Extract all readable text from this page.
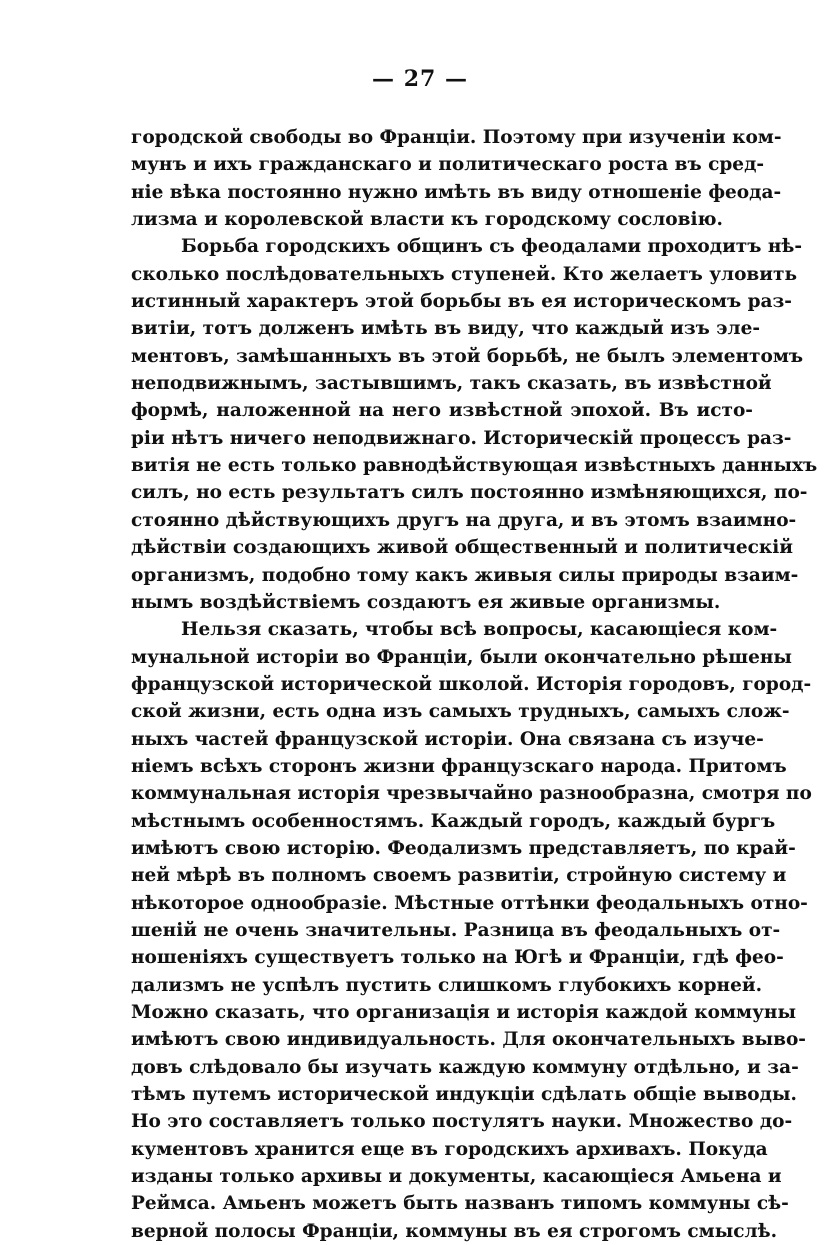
— 27 —
городской свободы во Франціи. Поэтому при изученіи ком-
мунъ и ихъ гражданскаго и политическаго роста въ сред-
ніе вѣка постоянно нужно имѣть въ виду отношеніе феода-
лизма и королевской власти къ городскому сословію.
Борьба городскихъ общинъ съ феодалами проходитъ нѣ-
сколько послѣдовательныхъ ступеней. Кто желаетъ уловить
истинный характеръ этой борьбы въ ея историческомъ раз-
витіи, тотъ долженъ имѣть въ виду, что каждый изъ эле-
ментовъ, замѣшанныхъ въ этой борьбѣ, не былъ элементомъ
неподвижнымъ, застывшимъ, такъ сказать, въ извѣстной
формѣ, наложенной на него извѣстной эпохой. Въ исто-
ріи нѣтъ ничего неподвижнаго. Историческій процессъ раз-
витія не есть только равнодѣйствующая извѣстныхъ данныхъ
силъ, но есть результатъ силъ постоянно измѣняющихся, по-
стоянно дѣйствующихъ другъ на друга, и въ этомъ взаимно-
дѣйствіи создающихъ живой общественный и политическій
организмъ, подобно тому какъ живыя силы природы взаим-
нымъ воздѣйствіемъ создаютъ ея живые организмы.
Нельзя сказать, чтобы всѣ вопросы, касающіеся ком-
мунальной исторіи во Франціи, были окончательно рѣшены
французской исторической школой. Исторія городовъ, город-
ской жизни, есть одна изъ самыхъ трудныхъ, самыхъ слож-
ныхъ частей французской исторіи. Она связана съ изуче-
ніемъ всѣхъ сторонъ жизни французскаго народа. Притомъ
коммунальная исторія чрезвычайно разнообразна, смотря по
мѣстнымъ особенностямъ. Каждый городъ, каждый бургъ
имѣютъ свою исторію. Феодализмъ представляетъ, по край-
ней мѣрѣ въ полномъ своемъ развитіи, стройную систему и
нѣкоторое однообразіе. Мѣстные оттѣнки феодальныхъ отно-
шеній не очень значительны. Разница въ феодальныхъ от-
ношеніяхъ существуетъ только на Югѣ и Франціи, гдѣ фео-
дализмъ не успѣлъ пустить слишкомъ глубокихъ корней.
Можно сказать, что организація и исторія каждой коммуны
имѣютъ свою индивидуальность. Для окончательныхъ выво-
довъ слѣдовало бы изучать каждую коммуну отдѣльно, и за-
тѣмъ путемъ исторической индукціи сдѣлать общіе выводы.
Но это составляетъ только постулятъ науки. Множество до-
кументовъ хранится еще въ городскихъ архивахъ. Покуда
изданы только архивы и документы, касающіеся Амьена и
Реймса. Амьенъ можетъ быть названъ типомъ коммуны сѣ-
верной полосы Франціи, коммуны въ ея строгомъ смыслѣ.
